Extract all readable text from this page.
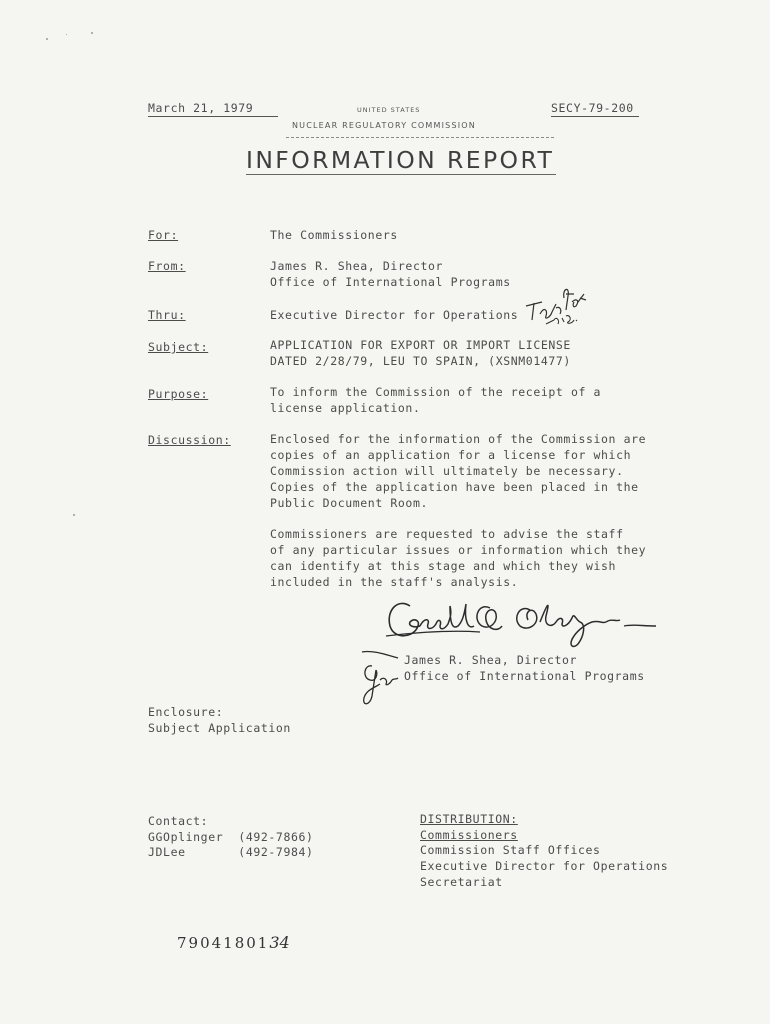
March 21, 1979	UNITED STATES
NUCLEAR REGULATORY COMMISSION
SECY-79-200
INFORMATION REPORT
For:	The Commissioners
From:	James R. Shea, Director
Office of International Programs
Thru:	Executive Director for Operations
Subject:	APPLICATION FOR EXPORT OR IMPORT LICENSE
DATED 2/28/79, LEU TO SPAIN, (XSNM01477)
Purpose:	To inform the Commission of the receipt of a
license application.
Discussion:	Enclosed for the information of the Commission are
copies of an application for a license for which
Commission action will ultimately be necessary.
Copies of the application have been placed in the
Public Document Room.
Commissioners are requested to advise the staff
of any particular issues or information which they
can identify at this stage and which they wish
included in the staff's analysis.
James R. Shea, Director
Office of International Programs
Enclosure:
Subject Application
Contact:
GGOplinger (492-7866)
JDLee	(492-7984)
DISTRIBUTION:
Commissioners
Commission Staff Offices
Executive Director for Operations
Secretariat
7904180134
